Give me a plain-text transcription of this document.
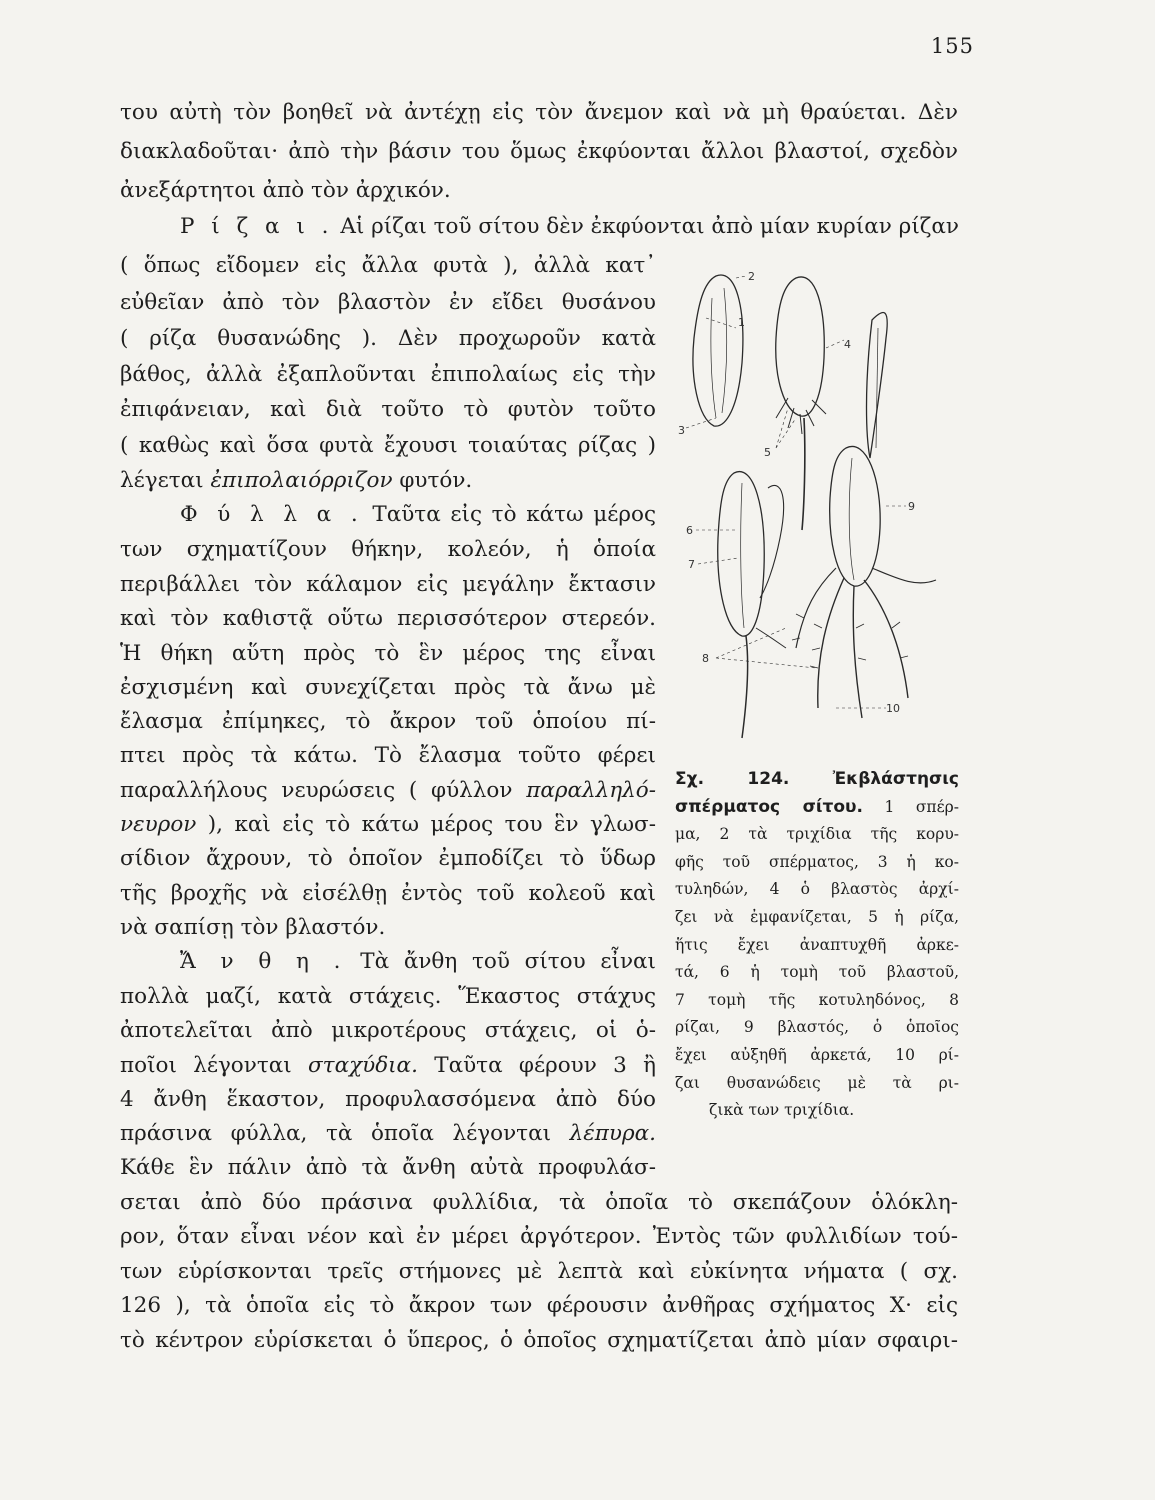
155

του αὐτὴ τὸν βοηθεῖ νὰ ἀντέχῃ εἰς τὸν ἄνεμον καὶ νὰ μὴ θραύεται. Δὲν

διακλαδοῦται· ἀπὸ τὴν βάσιν του ὅμως ἐκφύονται ἄλλοι βλαστοί, σχεδὸν

ἀνεξάρτητοι ἀπὸ τὸν ἀρχικόν.

Ρ ί ζ α ι . Αἱ ρίζαι τοῦ σίτου δὲν ἐκφύονται ἀπὸ μίαν κυρίαν ρίζαν

( ὅπως εἴδομεν εἰς ἄλλα φυτὰ ), ἀλλὰ κατ᾽

εὐθεῖαν ἀπὸ τὸν βλαστὸν ἐν εἴδει θυσάνου

( ρίζα θυσανώδης ). Δὲν προχωροῦν κατὰ

βάθος, ἀλλὰ ἐξαπλοῦνται ἐπιπολαίως εἰς τὴν

ἐπιφάνειαν, καὶ διὰ τοῦτο τὸ φυτὸν τοῦτο

( καθὼς καὶ ὅσα φυτὰ ἔχουσι τοιαύτας ρίζας )

λέγεται ἐπιπολαιόρριζον φυτόν.

Φ ύ λ λ α . Ταῦτα εἰς τὸ κάτω μέρος

των σχηματίζουν θήκην, κολεόν, ἡ ὁποία

περιβάλλει τὸν κάλαμον εἰς μεγάλην ἔκτασιν

καὶ τὸν καθιστᾷ οὕτω περισσότερον στερεόν.

Ἡ θήκη αὕτη πρὸς τὸ ἓν μέρος της εἶναι

ἐσχισμένη καὶ συνεχίζεται πρὸς τὰ ἄνω μὲ

ἔλασμα ἐπίμηκες, τὸ ἄκρον τοῦ ὁποίου πί-

πτει πρὸς τὰ κάτω. Τὸ ἔλασμα τοῦτο φέρει

παραλλήλους νευρώσεις ( φύλλον παραλληλό-

νευρον ), καὶ εἰς τὸ κάτω μέρος του ἓν γλωσ-

σίδιον ἄχρουν, τὸ ὁποῖον ἐμποδίζει τὸ ὕδωρ

τῆς βροχῆς νὰ εἰσέλθῃ ἐντὸς τοῦ κολεοῦ καὶ

νὰ σαπίσῃ τὸν βλαστόν.

Ἄ ν θ η . Τὰ ἄνθη τοῦ σίτου εἶναι

πολλὰ μαζί, κατὰ στάχεις. Ἕκαστος στάχυς

ἀποτελεῖται ἀπὸ μικροτέρους στάχεις, οἱ ὁ-

ποῖοι λέγονται σταχύδια. Ταῦτα φέρουν 3 ἢ

4 ἄνθη ἕκαστον, προφυλασσόμενα ἀπὸ δύο

πράσινα φύλλα, τὰ ὁποῖα λέγονται λέπυρα.

Κάθε ἓν πάλιν ἀπὸ τὰ ἄνθη αὐτὰ προφυλάσ-

σεται ἀπὸ δύο πράσινα φυλλίδια, τὰ ὁποῖα τὸ σκεπάζουν ὁλόκλη-

ρον, ὅταν εἶναι νέον καὶ ἐν μέρει ἀργότερον. Ἐντὸς τῶν φυλλιδίων τού-

των εὑρίσκονται τρεῖς στήμονες μὲ λεπτὰ καὶ εὐκίνητα νήματα ( σχ.

126 ), τὰ ὁποῖα εἰς τὸ ἄκρον των φέρουσιν ἀνθῆρας σχήματος Χ· εἰς

τὸ κέντρον εὑρίσκεται ὁ ὕπερος, ὁ ὁποῖος σχηματίζεται ἀπὸ μίαν σφαιρι-

2
1
3
4
5
6
7
8
9
10
Σχ. 124. Ἐκβλάστησις
σπέρματος σίτου. 1 σπέρ-
μα, 2 τὰ τριχίδια τῆς κορυ-
φῆς τοῦ σπέρματος, 3 ἡ κο-
τυληδών, 4 ὁ βλαστὸς ἀρχί-
ζει νὰ ἐμφανίζεται, 5 ἡ ρίζα,
ἥτις ἔχει ἀναπτυχθῆ ἀρκε-
τά, 6 ἡ τομὴ τοῦ βλαστοῦ,
7 τομὴ τῆς κοτυληδόνος, 8
ρίζαι, 9 βλαστός, ὁ ὁποῖος
ἔχει αὐξηθῆ ἀρκετά, 10 ρί-
ζαι θυσανώδεις μὲ τὰ ρι-
ζικὰ των τριχίδια.
